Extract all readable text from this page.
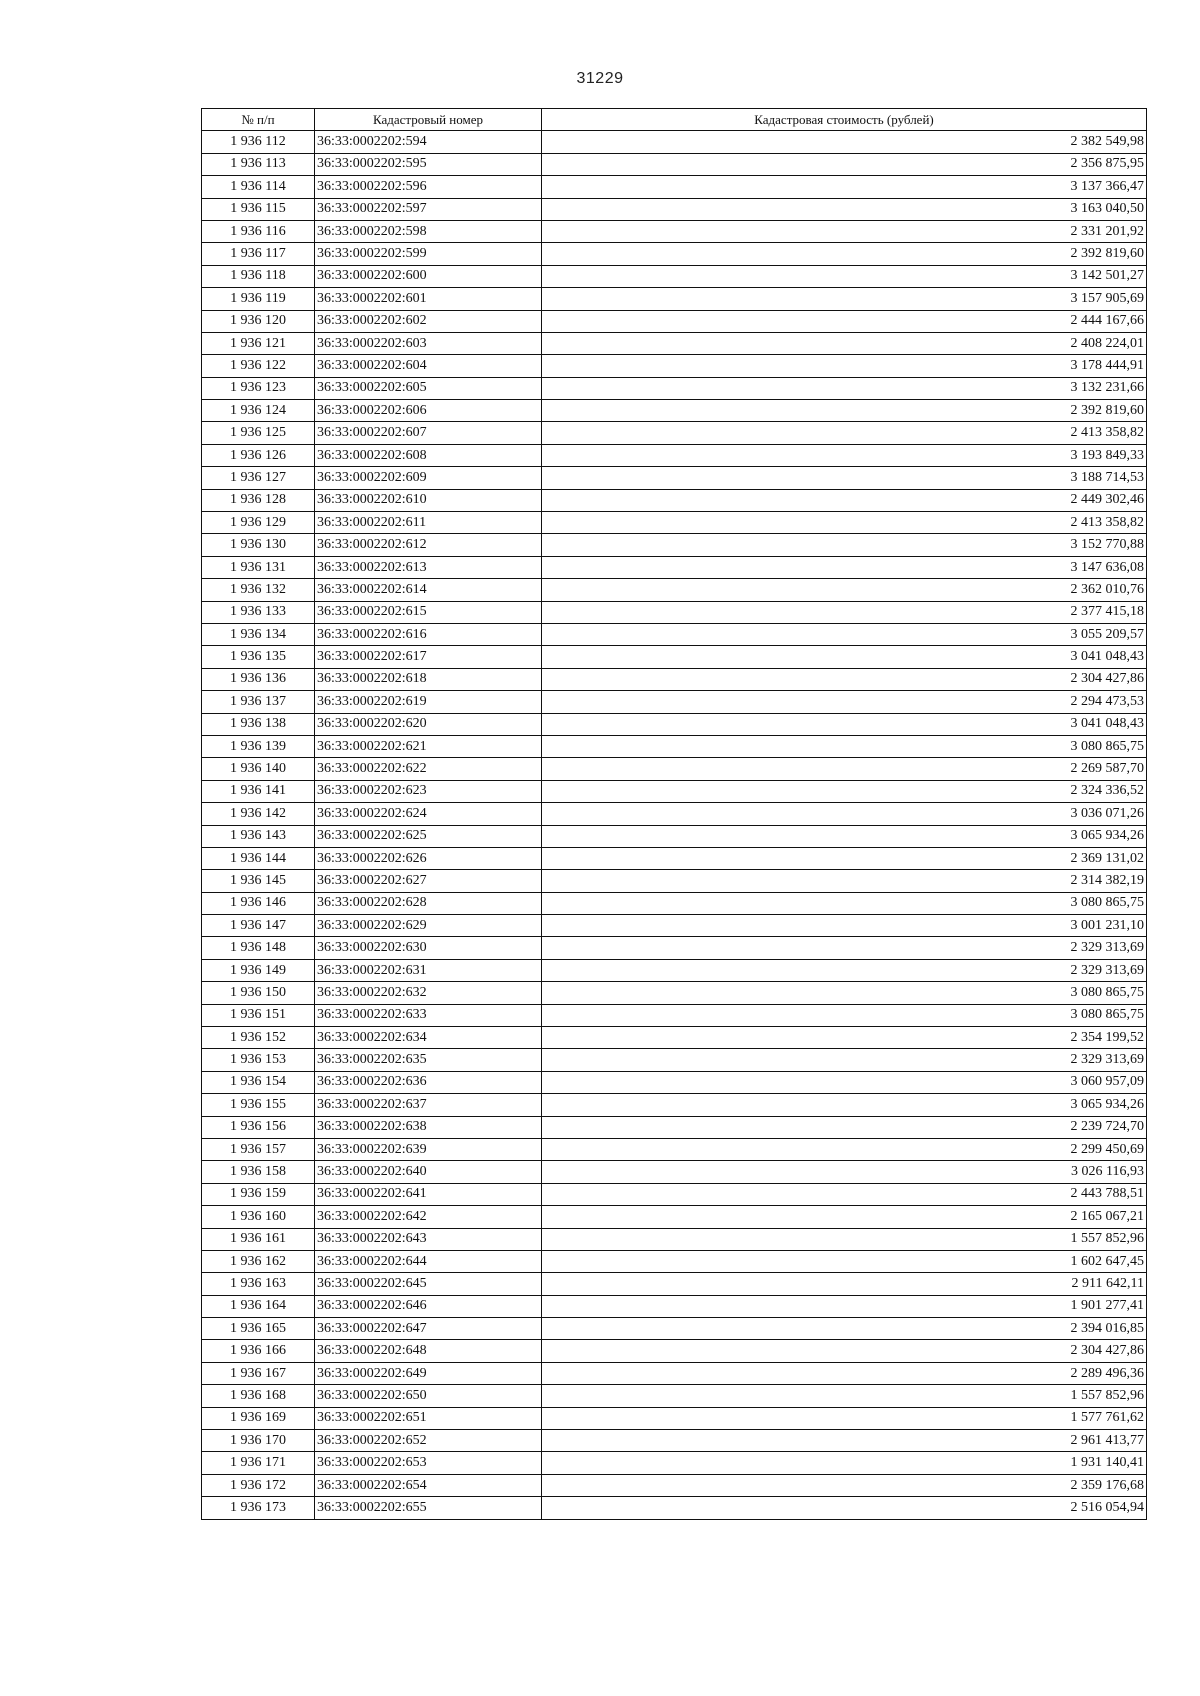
31229
№ п/п	Кадастровый номер	Кадастровая стоимость (рублей)
1 936 112	36:33:0002202:594	2 382 549,98
1 936 113	36:33:0002202:595	2 356 875,95
1 936 114	36:33:0002202:596	3 137 366,47
1 936 115	36:33:0002202:597	3 163 040,50
1 936 116	36:33:0002202:598	2 331 201,92
1 936 117	36:33:0002202:599	2 392 819,60
1 936 118	36:33:0002202:600	3 142 501,27
1 936 119	36:33:0002202:601	3 157 905,69
1 936 120	36:33:0002202:602	2 444 167,66
1 936 121	36:33:0002202:603	2 408 224,01
1 936 122	36:33:0002202:604	3 178 444,91
1 936 123	36:33:0002202:605	3 132 231,66
1 936 124	36:33:0002202:606	2 392 819,60
1 936 125	36:33:0002202:607	2 413 358,82
1 936 126	36:33:0002202:608	3 193 849,33
1 936 127	36:33:0002202:609	3 188 714,53
1 936 128	36:33:0002202:610	2 449 302,46
1 936 129	36:33:0002202:611	2 413 358,82
1 936 130	36:33:0002202:612	3 152 770,88
1 936 131	36:33:0002202:613	3 147 636,08
1 936 132	36:33:0002202:614	2 362 010,76
1 936 133	36:33:0002202:615	2 377 415,18
1 936 134	36:33:0002202:616	3 055 209,57
1 936 135	36:33:0002202:617	3 041 048,43
1 936 136	36:33:0002202:618	2 304 427,86
1 936 137	36:33:0002202:619	2 294 473,53
1 936 138	36:33:0002202:620	3 041 048,43
1 936 139	36:33:0002202:621	3 080 865,75
1 936 140	36:33:0002202:622	2 269 587,70
1 936 141	36:33:0002202:623	2 324 336,52
1 936 142	36:33:0002202:624	3 036 071,26
1 936 143	36:33:0002202:625	3 065 934,26
1 936 144	36:33:0002202:626	2 369 131,02
1 936 145	36:33:0002202:627	2 314 382,19
1 936 146	36:33:0002202:628	3 080 865,75
1 936 147	36:33:0002202:629	3 001 231,10
1 936 148	36:33:0002202:630	2 329 313,69
1 936 149	36:33:0002202:631	2 329 313,69
1 936 150	36:33:0002202:632	3 080 865,75
1 936 151	36:33:0002202:633	3 080 865,75
1 936 152	36:33:0002202:634	2 354 199,52
1 936 153	36:33:0002202:635	2 329 313,69
1 936 154	36:33:0002202:636	3 060 957,09
1 936 155	36:33:0002202:637	3 065 934,26
1 936 156	36:33:0002202:638	2 239 724,70
1 936 157	36:33:0002202:639	2 299 450,69
1 936 158	36:33:0002202:640	3 026 116,93
1 936 159	36:33:0002202:641	2 443 788,51
1 936 160	36:33:0002202:642	2 165 067,21
1 936 161	36:33:0002202:643	1 557 852,96
1 936 162	36:33:0002202:644	1 602 647,45
1 936 163	36:33:0002202:645	2 911 642,11
1 936 164	36:33:0002202:646	1 901 277,41
1 936 165	36:33:0002202:647	2 394 016,85
1 936 166	36:33:0002202:648	2 304 427,86
1 936 167	36:33:0002202:649	2 289 496,36
1 936 168	36:33:0002202:650	1 557 852,96
1 936 169	36:33:0002202:651	1 577 761,62
1 936 170	36:33:0002202:652	2 961 413,77
1 936 171	36:33:0002202:653	1 931 140,41
1 936 172	36:33:0002202:654	2 359 176,68
1 936 173	36:33:0002202:655	2 516 054,94
